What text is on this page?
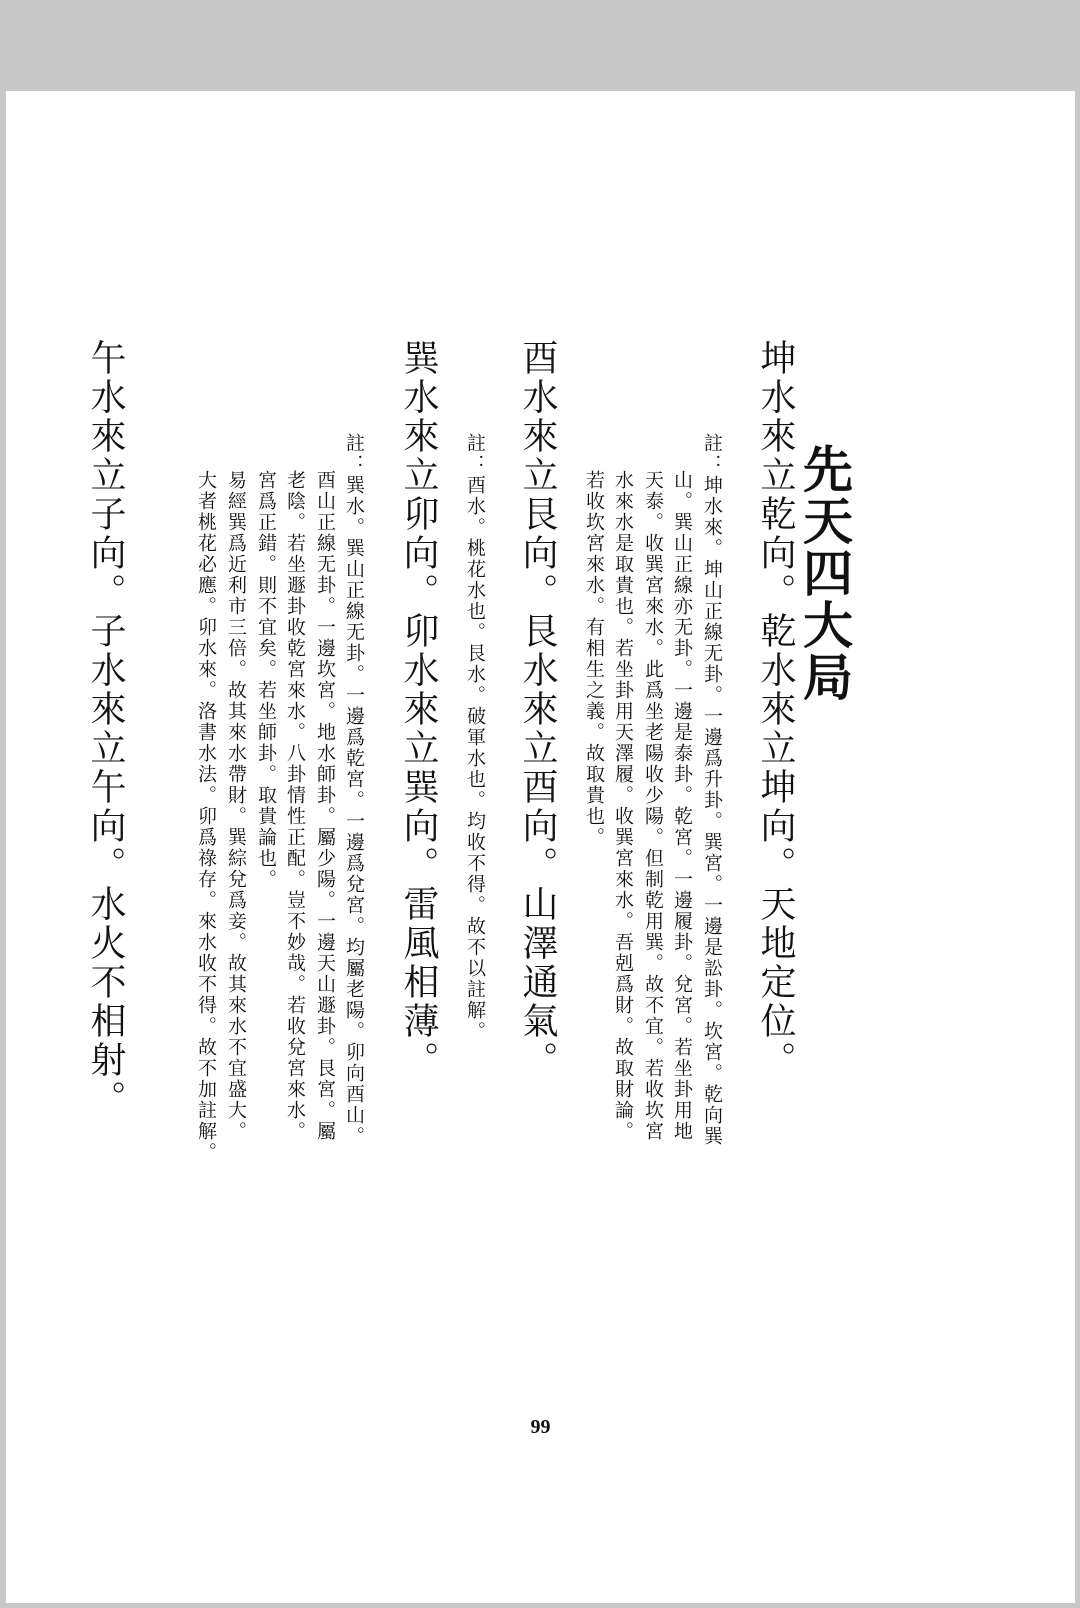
先天四大局
坤水來立乾向。乾水來立坤向。天地定位。
註：坤水來。坤山正線无卦。一邊爲升卦。巽宮。一邊是訟卦。坎宮。乾向巽
山。巽山正線亦无卦。一邊是泰卦。乾宮。一邊履卦。兌宮。若坐卦用地
天泰。收巽宮來水。此爲坐老陽收少陽。但制乾用巽。故不宜。若收坎宮
水來水是取貴也。若坐卦用天澤履。收巽宮來水。吾剋爲財。故取財論。
若收坎宮來水。有相生之義。故取貴也。
酉水來立艮向。艮水來立酉向。山澤通氣。
註：酉水。桃花水也。艮水。破軍水也。均收不得。故不以註解。
巽水來立卯向。卯水來立巽向。雷風相薄。
註：巽水。巽山正線无卦。一邊爲乾宮。一邊爲兌宮。均屬老陽。卯向酉山。
酉山正線无卦。一邊坎宮。地水師卦。屬少陽。一邊天山遯卦。艮宮。屬
老陰。若坐遯卦收乾宮來水。八卦情性正配。豈不妙哉。若收兌宮來水。
宮爲正錯。則不宜矣。若坐師卦。取貴論也。
易經巽爲近利市三倍。故其來水帶財。巽綜兌爲妾。故其來水不宜盛大。
大者桃花必應。卯水來。洛書水法。卯爲祿存。來水收不得。故不加註解。
午水來立子向。子水來立午向。水火不相射。
99
